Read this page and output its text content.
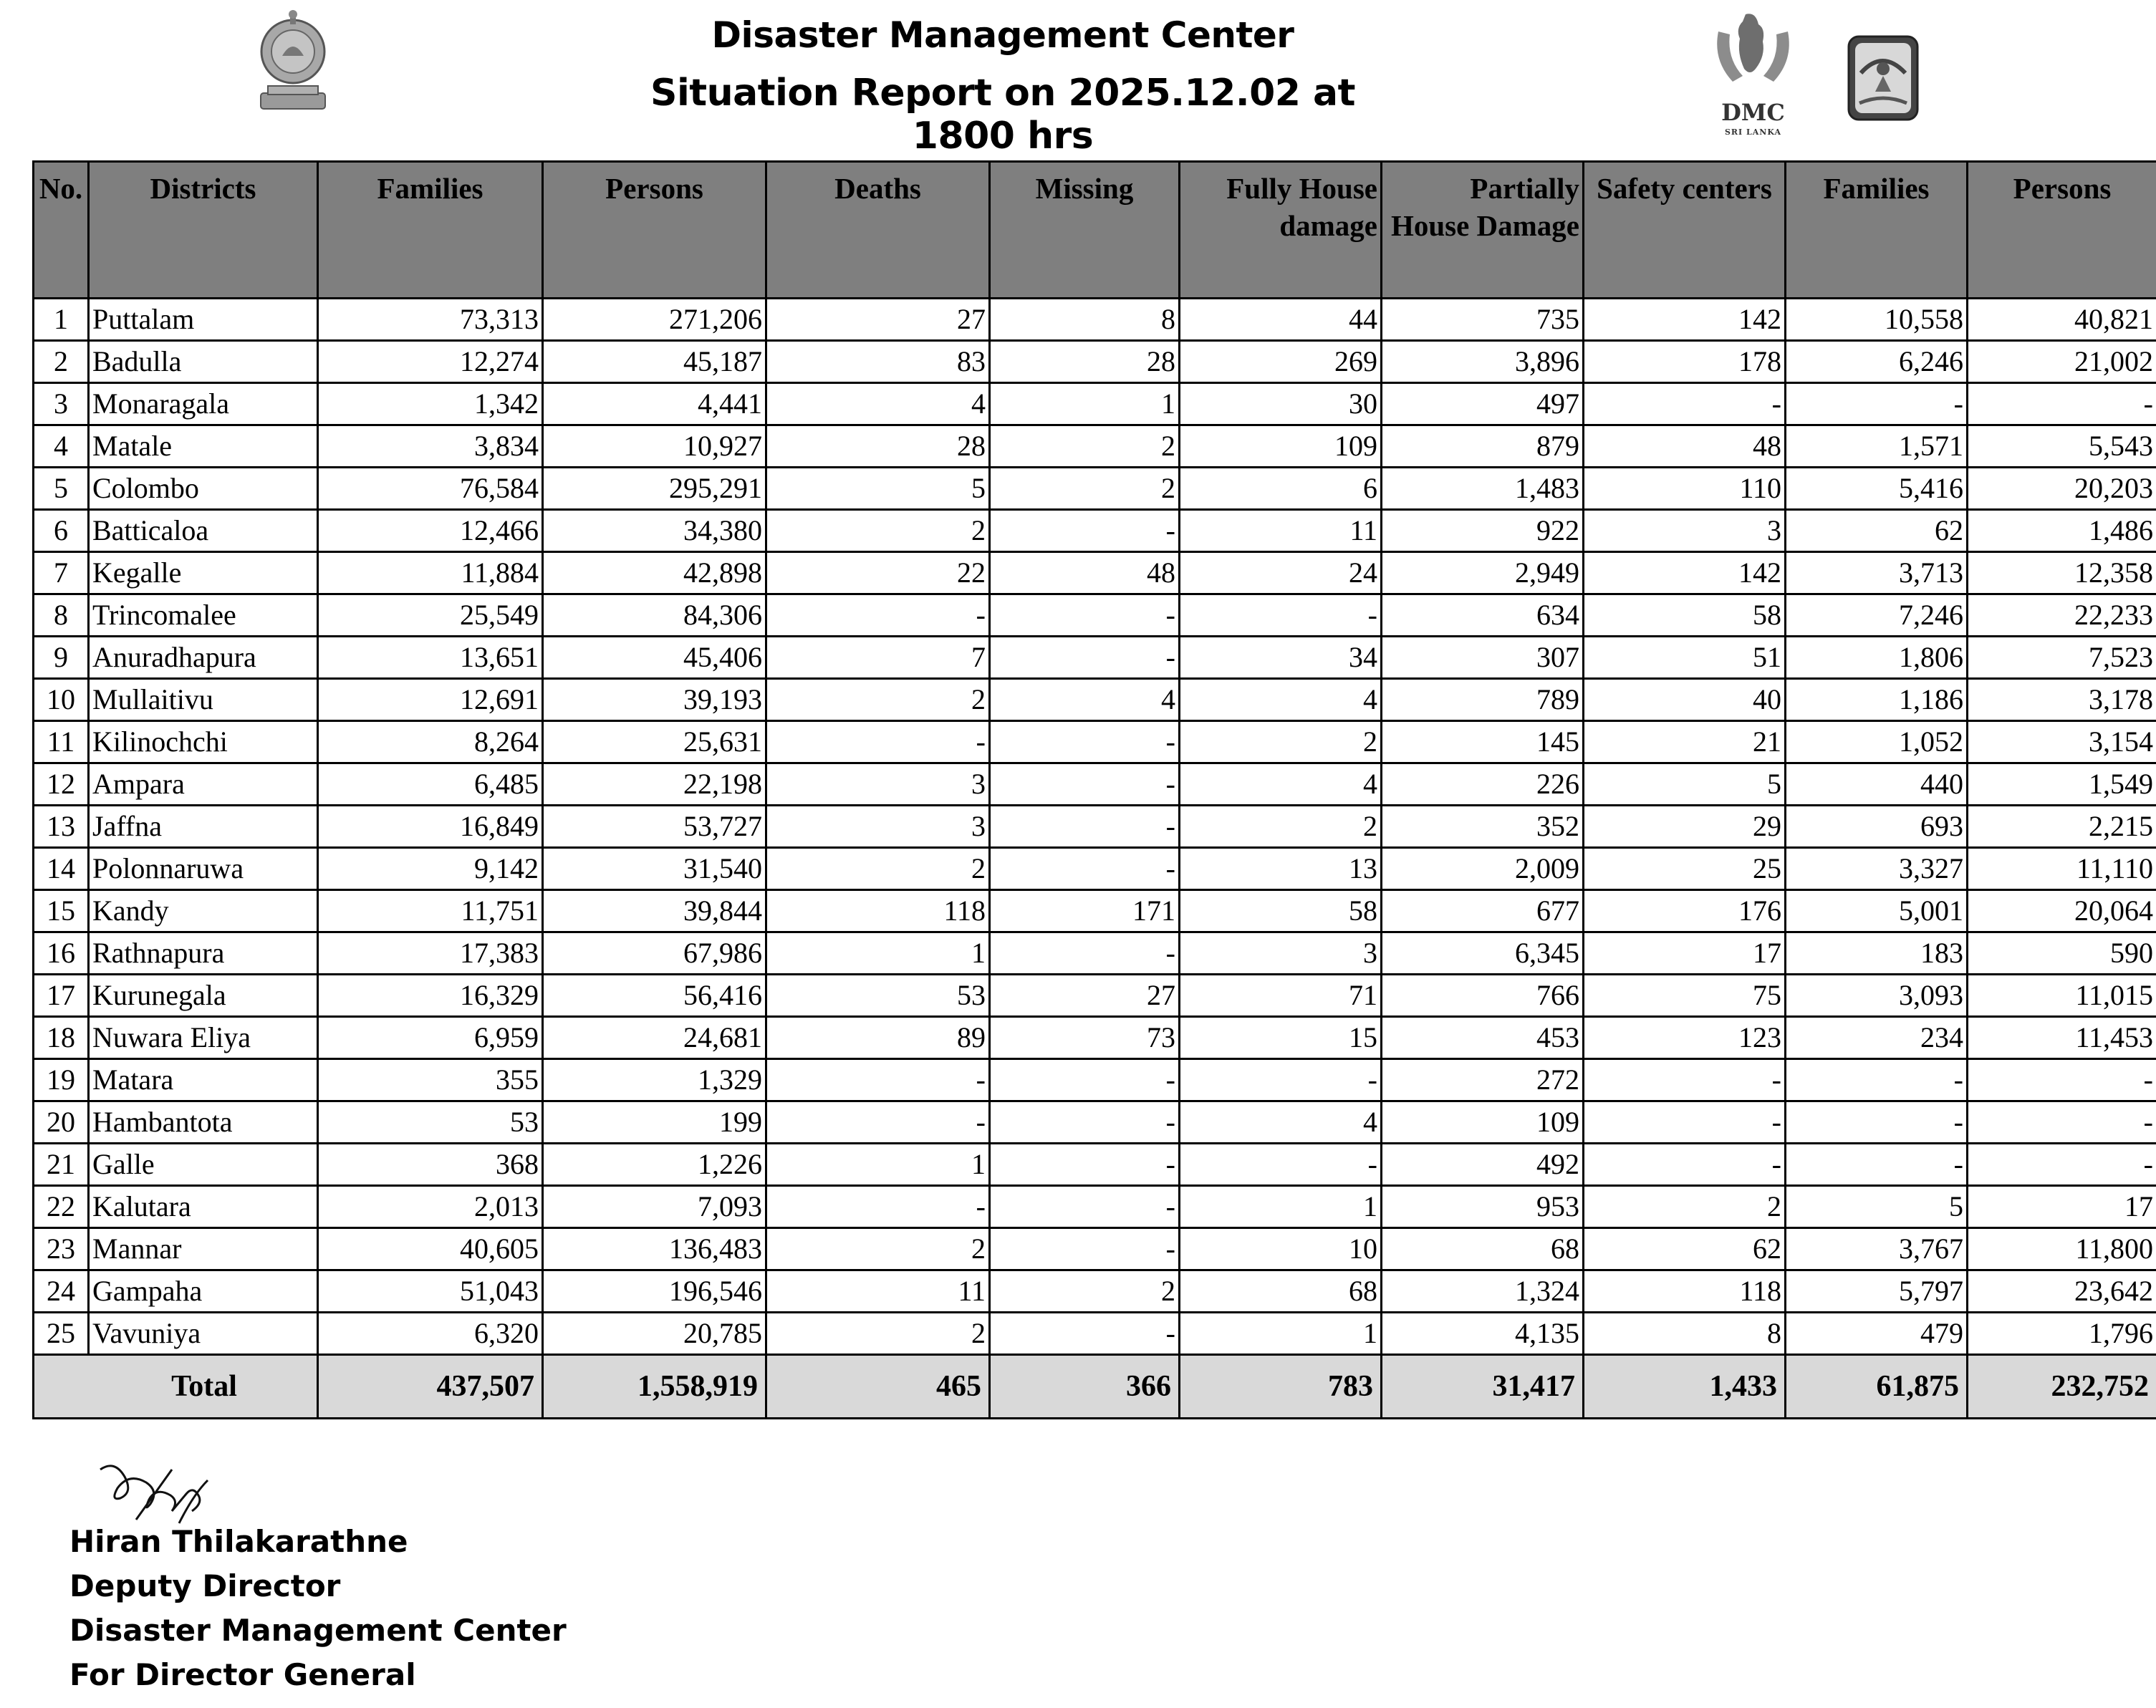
Disaster Management Center
Situation Report on 2025.12.02 at 1800 hrs
DMC
SRI LANKA
No.	Districts	Families	Persons	Deaths	Missing	Fully House damage	Partially House Damage	Safety centers	Families	Persons
1	Puttalam	73,313	271,206	27	8	44	735	142	10,558	40,821
2	Badulla	12,274	45,187	83	28	269	3,896	178	6,246	21,002
3	Monaragala	1,342	4,441	4	1	30	497	-	-	-
4	Matale	3,834	10,927	28	2	109	879	48	1,571	5,543
5	Colombo	76,584	295,291	5	2	6	1,483	110	5,416	20,203
6	Batticaloa	12,466	34,380	2	-	11	922	3	62	1,486
7	Kegalle	11,884	42,898	22	48	24	2,949	142	3,713	12,358
8	Trincomalee	25,549	84,306	-	-	-	634	58	7,246	22,233
9	Anuradhapura	13,651	45,406	7	-	34	307	51	1,806	7,523
10	Mullaitivu	12,691	39,193	2	4	4	789	40	1,186	3,178
11	Kilinochchi	8,264	25,631	-	-	2	145	21	1,052	3,154
12	Ampara	6,485	22,198	3	-	4	226	5	440	1,549
13	Jaffna	16,849	53,727	3	-	2	352	29	693	2,215
14	Polonnaruwa	9,142	31,540	2	-	13	2,009	25	3,327	11,110
15	Kandy	11,751	39,844	118	171	58	677	176	5,001	20,064
16	Rathnapura	17,383	67,986	1	-	3	6,345	17	183	590
17	Kurunegala	16,329	56,416	53	27	71	766	75	3,093	11,015
18	Nuwara Eliya	6,959	24,681	89	73	15	453	123	234	11,453
19	Matara	355	1,329	-	-	-	272	-	-	-
20	Hambantota	53	199	-	-	4	109	-	-	-
21	Galle	368	1,226	1	-	-	492	-	-	-
22	Kalutara	2,013	7,093	-	-	1	953	2	5	17
23	Mannar	40,605	136,483	2	-	10	68	62	3,767	11,800
24	Gampaha	51,043	196,546	11	2	68	1,324	118	5,797	23,642
25	Vavuniya	6,320	20,785	2	-	1	4,135	8	479	1,796
Total		437,507	1,558,919	465	366	783	31,417	1,433	61,875	232,752
Hiran Thilakarathne
Deputy Director
Disaster Management Center
For Director General
